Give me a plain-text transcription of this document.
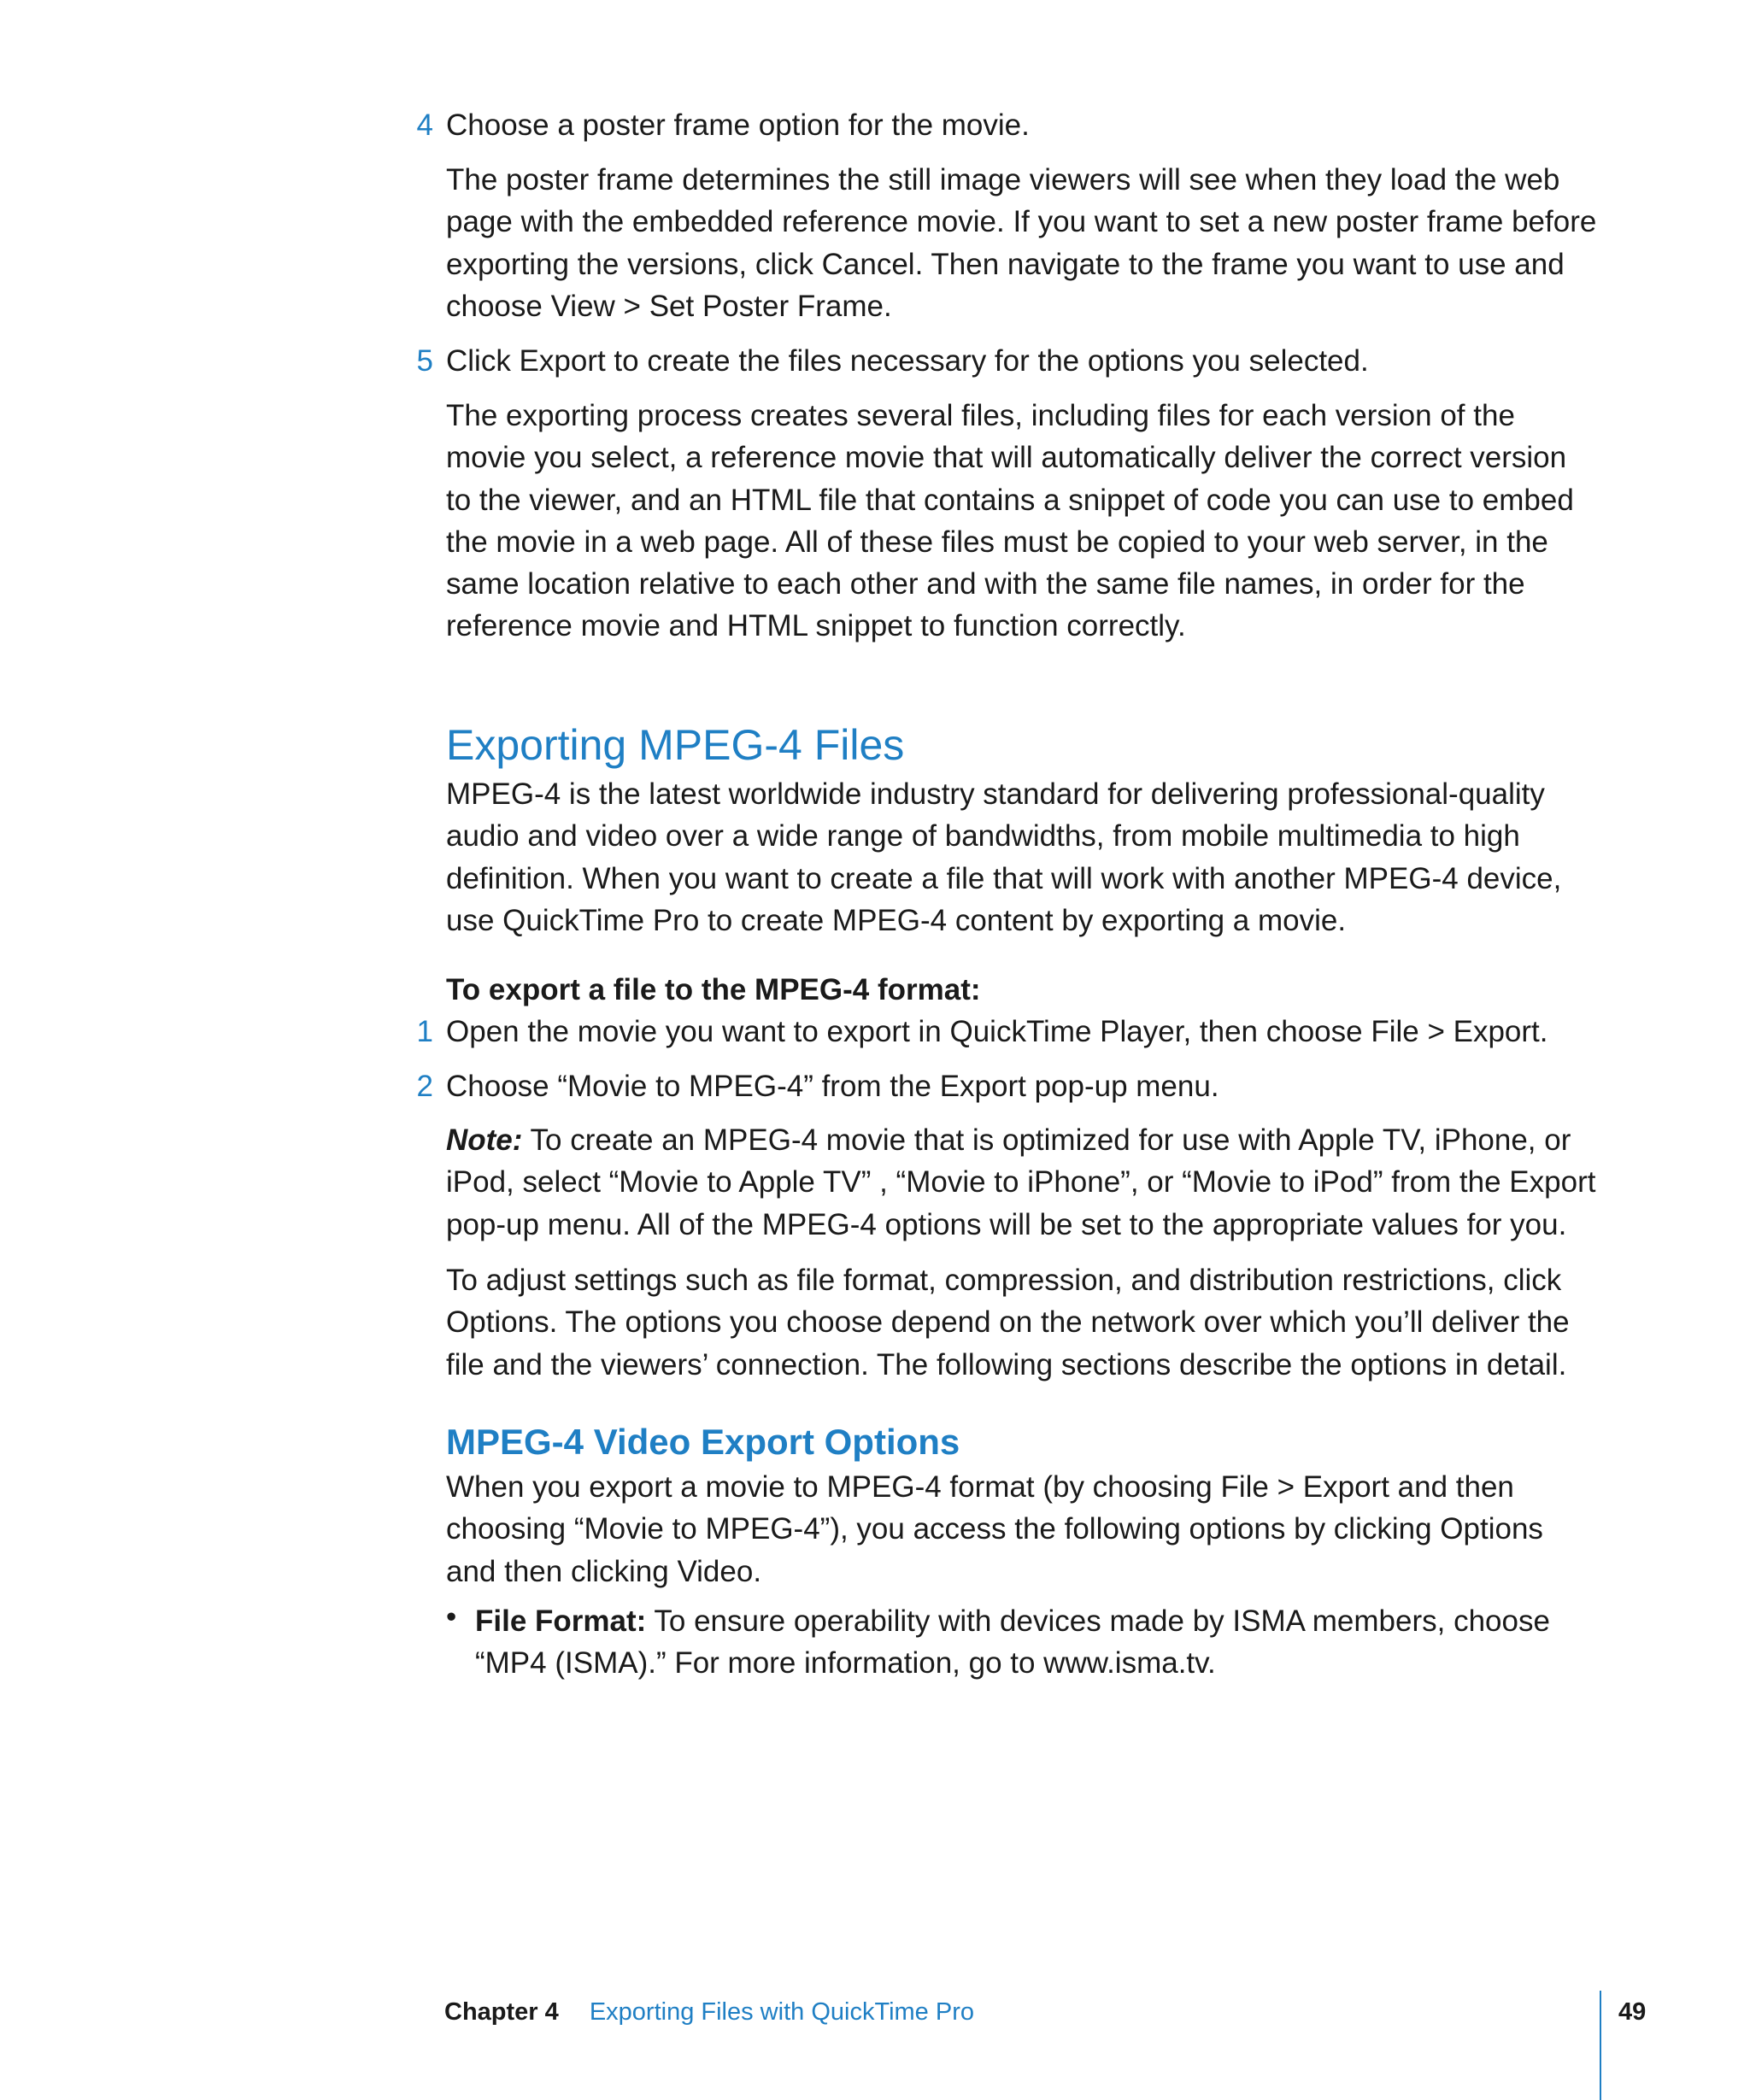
4 Choose a poster frame option for the movie.

The poster frame determines the still image viewers will see when they load the web page with the embedded reference movie. If you want to set a new poster frame before exporting the versions, click Cancel. Then navigate to the frame you want to use and choose View > Set Poster Frame.

5 Click Export to create the files necessary for the options you selected.

The exporting process creates several files, including files for each version of the movie you select, a reference movie that will automatically deliver the correct version to the viewer, and an HTML file that contains a snippet of code you can use to embed the movie in a web page. All of these files must be copied to your web server, in the same location relative to each other and with the same file names, in order for the reference movie and HTML snippet to function correctly.

Exporting MPEG-4 Files

MPEG-4 is the latest worldwide industry standard for delivering professional-quality audio and video over a wide range of bandwidths, from mobile multimedia to high definition. When you want to create a file that will work with another MPEG-4 device, use QuickTime Pro to create MPEG-4 content by exporting a movie.

To export a file to the MPEG-4 format:
1 Open the movie you want to export in QuickTime Player, then choose File > Export.
2 Choose “Movie to MPEG-4” from the Export pop-up menu.

Note: To create an MPEG-4 movie that is optimized for use with Apple TV, iPhone, or iPod, select “Movie to Apple TV” , “Movie to iPhone”, or “Movie to iPod” from the Export pop-up menu. All of the MPEG-4 options will be set to the appropriate values for you.

To adjust settings such as file format, compression, and distribution restrictions, click Options. The options you choose depend on the network over which you’ll deliver the file and the viewers’ connection. The following sections describe the options in detail.

MPEG-4 Video Export Options

When you export a movie to MPEG-4 format (by choosing File > Export and then choosing “Movie to MPEG-4”), you access the following options by clicking Options and then clicking Video.

• File Format: To ensure operability with devices made by ISMA members, choose “MP4 (ISMA).” For more information, go to www.isma.tv.

Chapter 4 Exporting Files with QuickTime Pro	49
